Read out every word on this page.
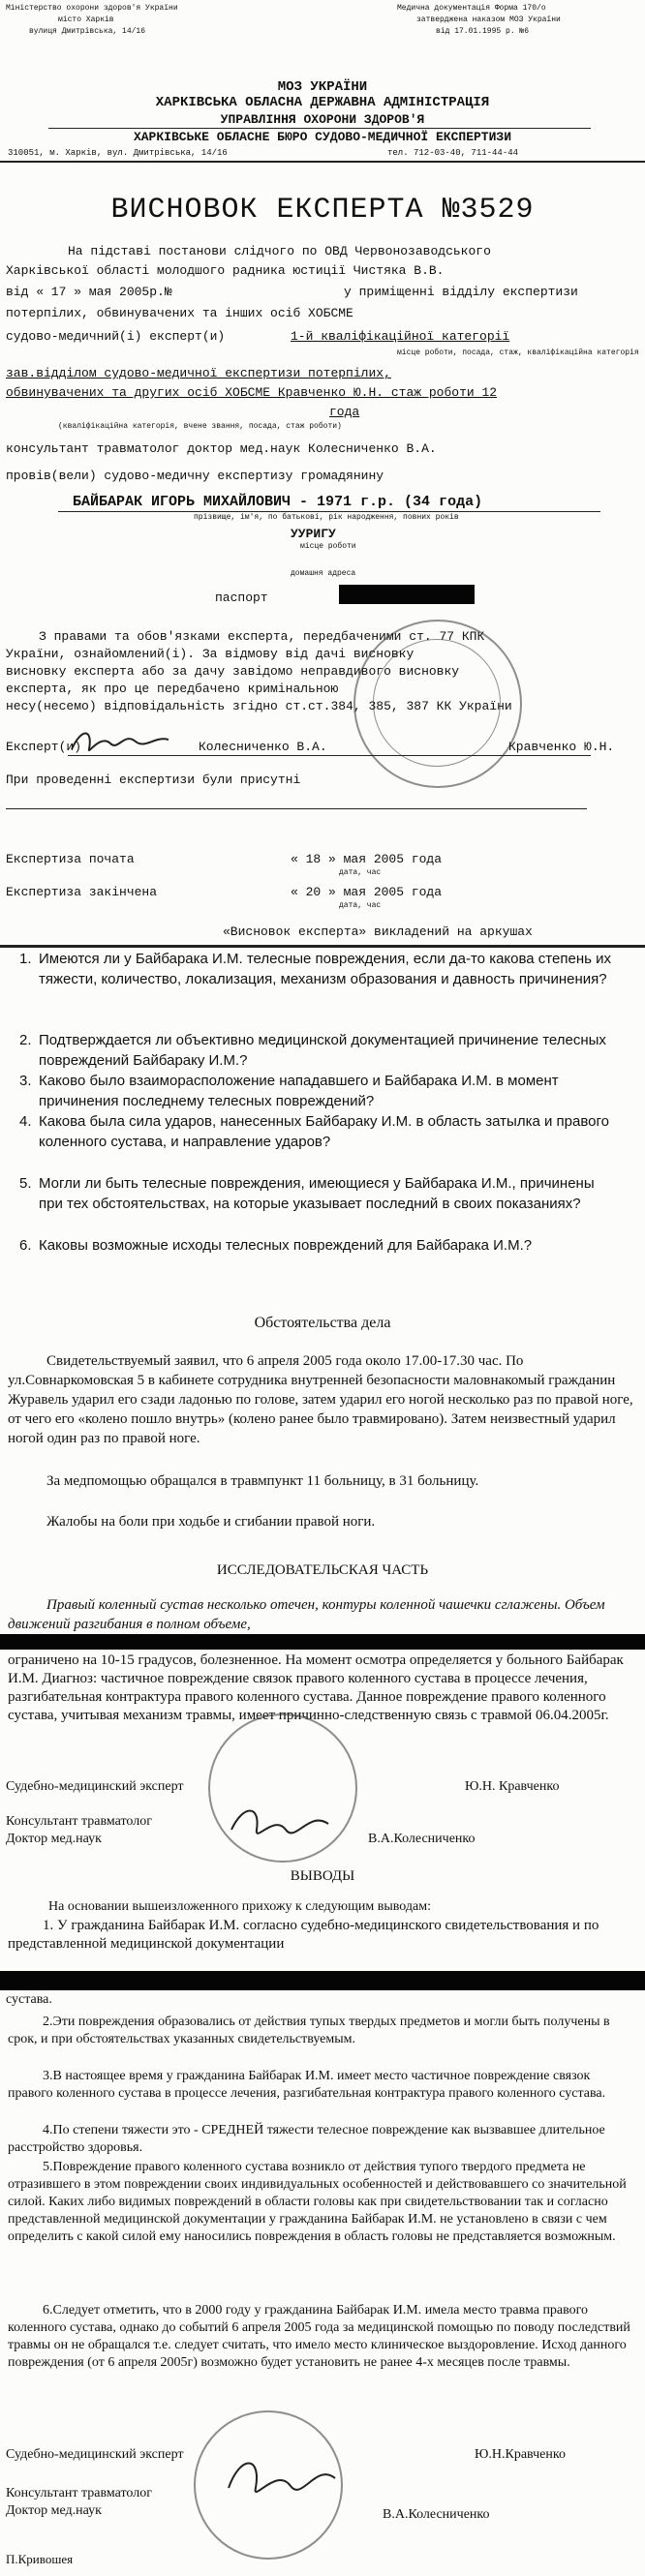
Міністерство охорони здоров'я України
місто Харків
вулиця Дмитрівська, 14/16
Медична документація Форма 170/о
затверджена наказом МОЗ України
від 17.01.1995 р. №6
МОЗ УКРАЇНИ
ХАРКІВСЬКА ОБЛАСНА ДЕРЖАВНА АДМІНІСТРАЦІЯ
УПРАВЛІННЯ ОХОРОНИ ЗДОРОВ'Я
ХАРКІВСЬКЕ ОБЛАСНЕ БЮРО СУДОВО-МЕДИЧНОЇ ЕКСПЕРТИЗИ
310051, м. Харків, вул. Дмитрівська, 14/16	тел. 712-03-40, 711-44-44
ВИСНОВОК ЕКСПЕРТА №3529
На підставі постанови слідчого по ОВД Червонозаводського
Харківської області молодшого радника юстиції Чистяка В.В.
від « 17 » мая 2005р.№	у приміщенні відділу експертизи
потерпілих, обвинувачених та інших осіб ХОБСМЕ
судово-медичний(і) експерт(и)	1-й кваліфікаційної категорії
місце роботи, посада, стаж, кваліфікаційна категорія
зав.відділом судово-медичної експертизи потерпілих,
обвинувачених та других осіб ХОБСМЕ Кравченко Ю.Н. стаж роботи 12
года
(кваліфікаційна категорія, вчене звання, посада, стаж роботи)
консультант травматолог доктор мед.наук Колесниченко В.А.
провів(вели) судово-медичну експертизу громадянину
БАЙБАРАК ИГОРЬ МИХАЙЛОВИЧ - 1971 г.р. (34 года)
прізвище, ім'я, по батькові, рік народження, повних років
УУРИГУ
місце роботи
домашня адреса
паспорт
З правами та обов'язками експерта, передбаченими ст. 77 КПК
України, ознайомлений(і). За відмову від дачі висновку
висновку експерта або за дачу завідомо неправдивого висновку
експерта, як про це передбачено кримінальною
несу(несемо) відповідальність згідно ст.ст.384, 385, 387 КК України
Експерт(и)	Колесниченко В.А.	Кравченко Ю.Н.
При проведенні експертизи були присутні
Експертиза почата	« 18 » мая 2005 года
дата, час
Експертиза закінчена	« 20 » мая 2005 года
дата, час
«Висновок експерта» викладений на аркушах
1. Имеются ли у Байбарака И.М. телесные повреждения, если да-то какова степень их тяжести, количество, локализация, механизм образования и давность причинения?
2. Подтверждается ли объективно медицинской документацией причинение телесных повреждений Байбараку И.М.?
3. Каково было взаиморасположение нападавшего и Байбарака И.М. в момент причинения последнему телесных повреждений?
4. Какова была сила ударов, нанесенных Байбараку И.М. в область затылка и правого коленного сустава, и направление ударов?
5. Могли ли быть телесные повреждения, имеющиеся у Байбарака И.М., причинены при тех обстоятельствах, на которые указывает последний в своих показаниях?
6. Каковы возможные исходы телесных повреждений для Байбарака И.М.?
Обстоятельства дела
Свидетельствуемый заявил, что 6 апреля 2005 года около 17.00-17.30 час. По ул.Совнаркомовская 5 в кабинете сотрудника внутренней безопасности маловнакомый гражданин Журавель ударил его сзади ладонью по голове, затем ударил его ногой несколько раз по правой ноге, от чего его «колено пошло внутрь» (колено ранее было травмировано). Затем неизвестный ударил ногой один раз по правой ноге.
За медпомощью обращался в травмпункт 11 больницу, в 31 больницу.
Жалобы на боли при ходьбе и сгибании правой ноги.
ИССЛЕДОВАТЕЛЬСКАЯ ЧАСТЬ
Правый коленный сустав несколько отечен, контуры коленной чашечки сглажены. Объем движений разгибания в полном объеме,
ограничено на 10-15 градусов, болезненное. На момент осмотра определяется у больного Байбарак И.М. Диагноз: частичное повреждение связок правого коленного сустава в процессе лечения, разгибательная контрактура правого коленного сустава. Данное повреждение правого коленного сустава, учитывая механизм травмы, имеет причинно-следственную связь с травмой 06.04.2005г.
Судебно-медицинский эксперт	Ю.Н. Кравченко
Консультант травматолог
Доктор мед.наук	В.А.Колесниченко
ВЫВОДЫ
На основании вышеизложенного прихожу к следующим выводам:
1. У гражданина Байбарак И.М. согласно судебно-медицинского свидетельствования и по представленной медицинской документации
сустава.
2.Эти повреждения образовались от действия тупых твердых предметов и могли быть получены в срок, и при обстоятельствах указанных свидетельствуемым.
3.В настоящее время у гражданина Байбарак И.М. имеет место частичное повреждение связок правого коленного сустава в процессе лечения, разгибательная контрактура правого коленного сустава.
4.По степени тяжести это - СРЕДНЕЙ тяжести телесное повреждение как вызвавшее длительное расстройство здоровья.
5.Повреждение правого коленного сустава возникло от действия тупого твердого предмета не отразившего в этом повреждении своих индивидуальных особенностей и действовавшего со значительной силой. Каких либо видимых повреждений в области головы как при свидетельствовании так и согласно представленной медицинской документации у гражданина Байбарак И.М. не установлено в связи с чем определить с какой силой ему наносились повреждения в область головы не представляется возможным.
6.Следует отметить, что в 2000 году у гражданина Байбарак И.М. имела место травма правого коленного сустава, однако до событий 6 апреля 2005 года за медицинской помощью по поводу последствий травмы он не обращался т.е. следует считать, что имело место клиническое выздоровление. Исход данного повреждения (от 6 апреля 2005г) возможно будет установить не ранее 4-х месяцев после травмы.
Судебно-медицинский эксперт	Ю.Н.Кравченко
Консультант травматолог
Доктор мед.наук	В.А.Колесниченко
П.Кривошея
